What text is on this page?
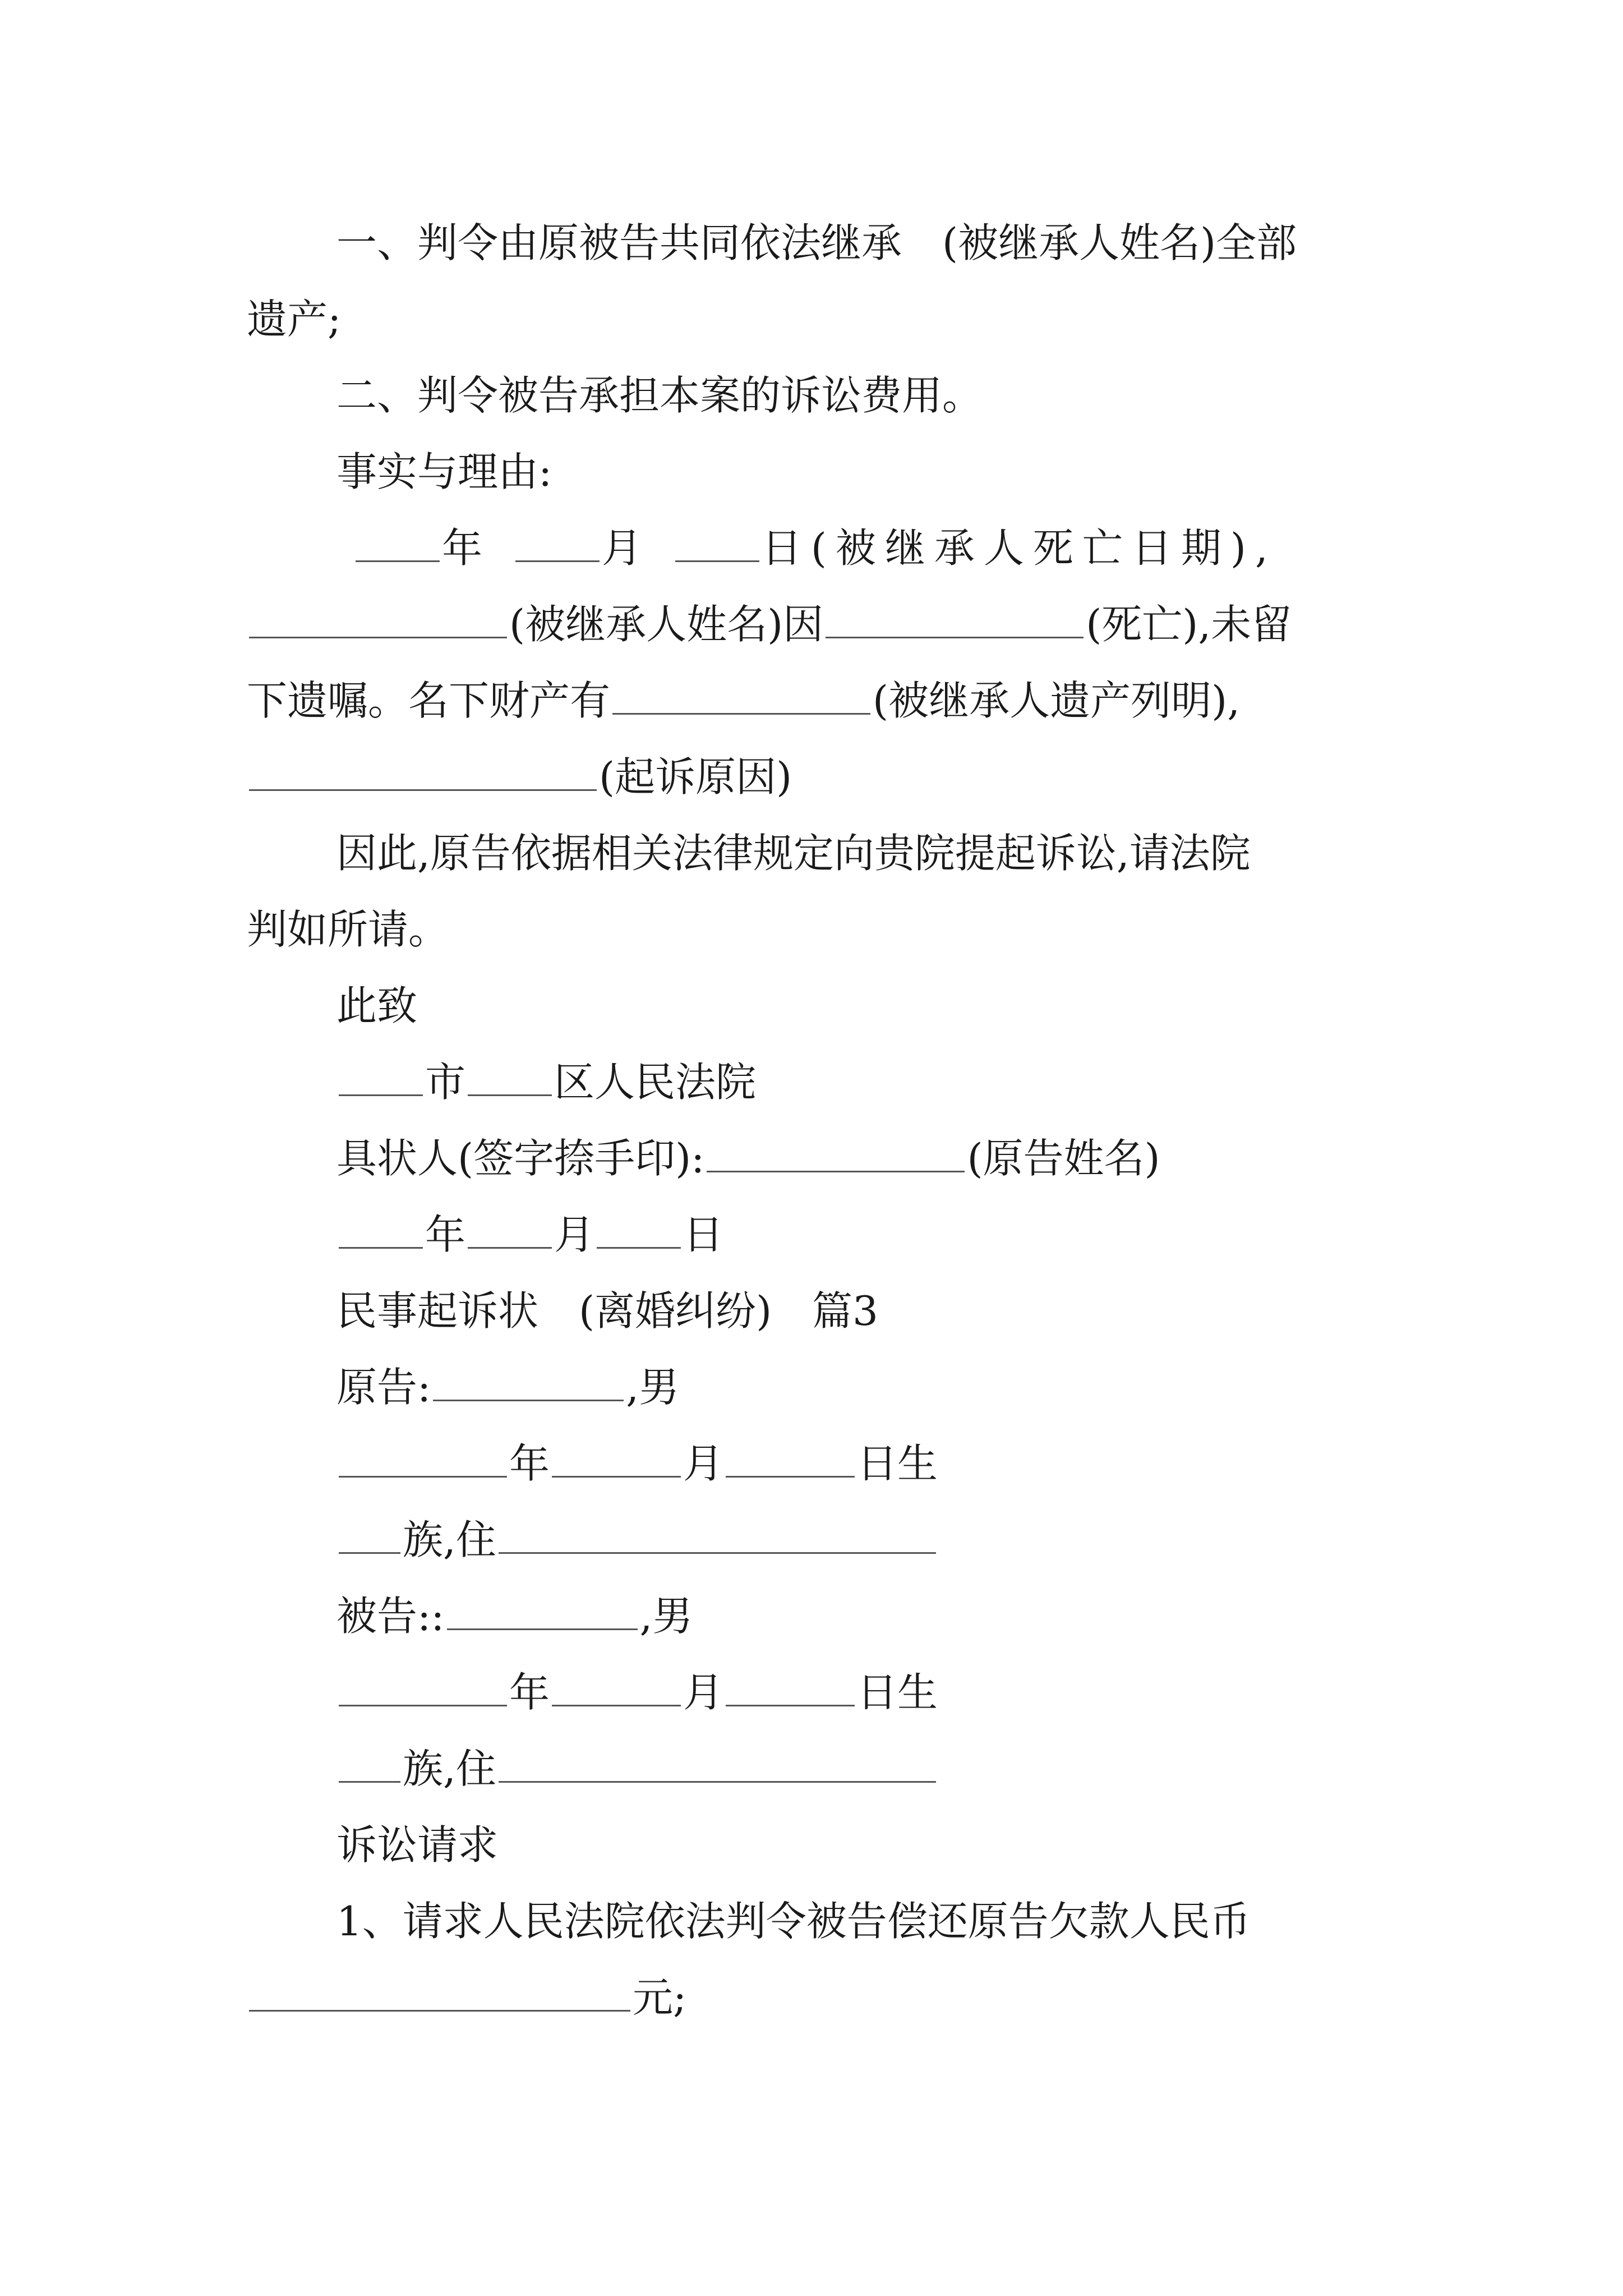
一、判令由原被告共同依法继承　(被继承人姓名)全部
遗产;
二、判令被告承担本案的诉讼费用。
事实与理由:
年	月	日(被继承人死亡日期),
(被继承人姓名)因	(死亡),未留
下遗嘱。名下财产有	(被继承人遗产列明),
(起诉原因)
因此,原告依据相关法律规定向贵院提起诉讼,请法院
判如所请。
此致
市 区人民法院
具状人(签字捺手印):	(原告姓名)
年 月 日
民事起诉状　(离婚纠纷)　篇3
原告:	,男
年	月	日生
族,住
被告::	,男
年	月	日生
族,住
诉讼请求
1、请求人民法院依法判令被告偿还原告欠款人民币
元;
